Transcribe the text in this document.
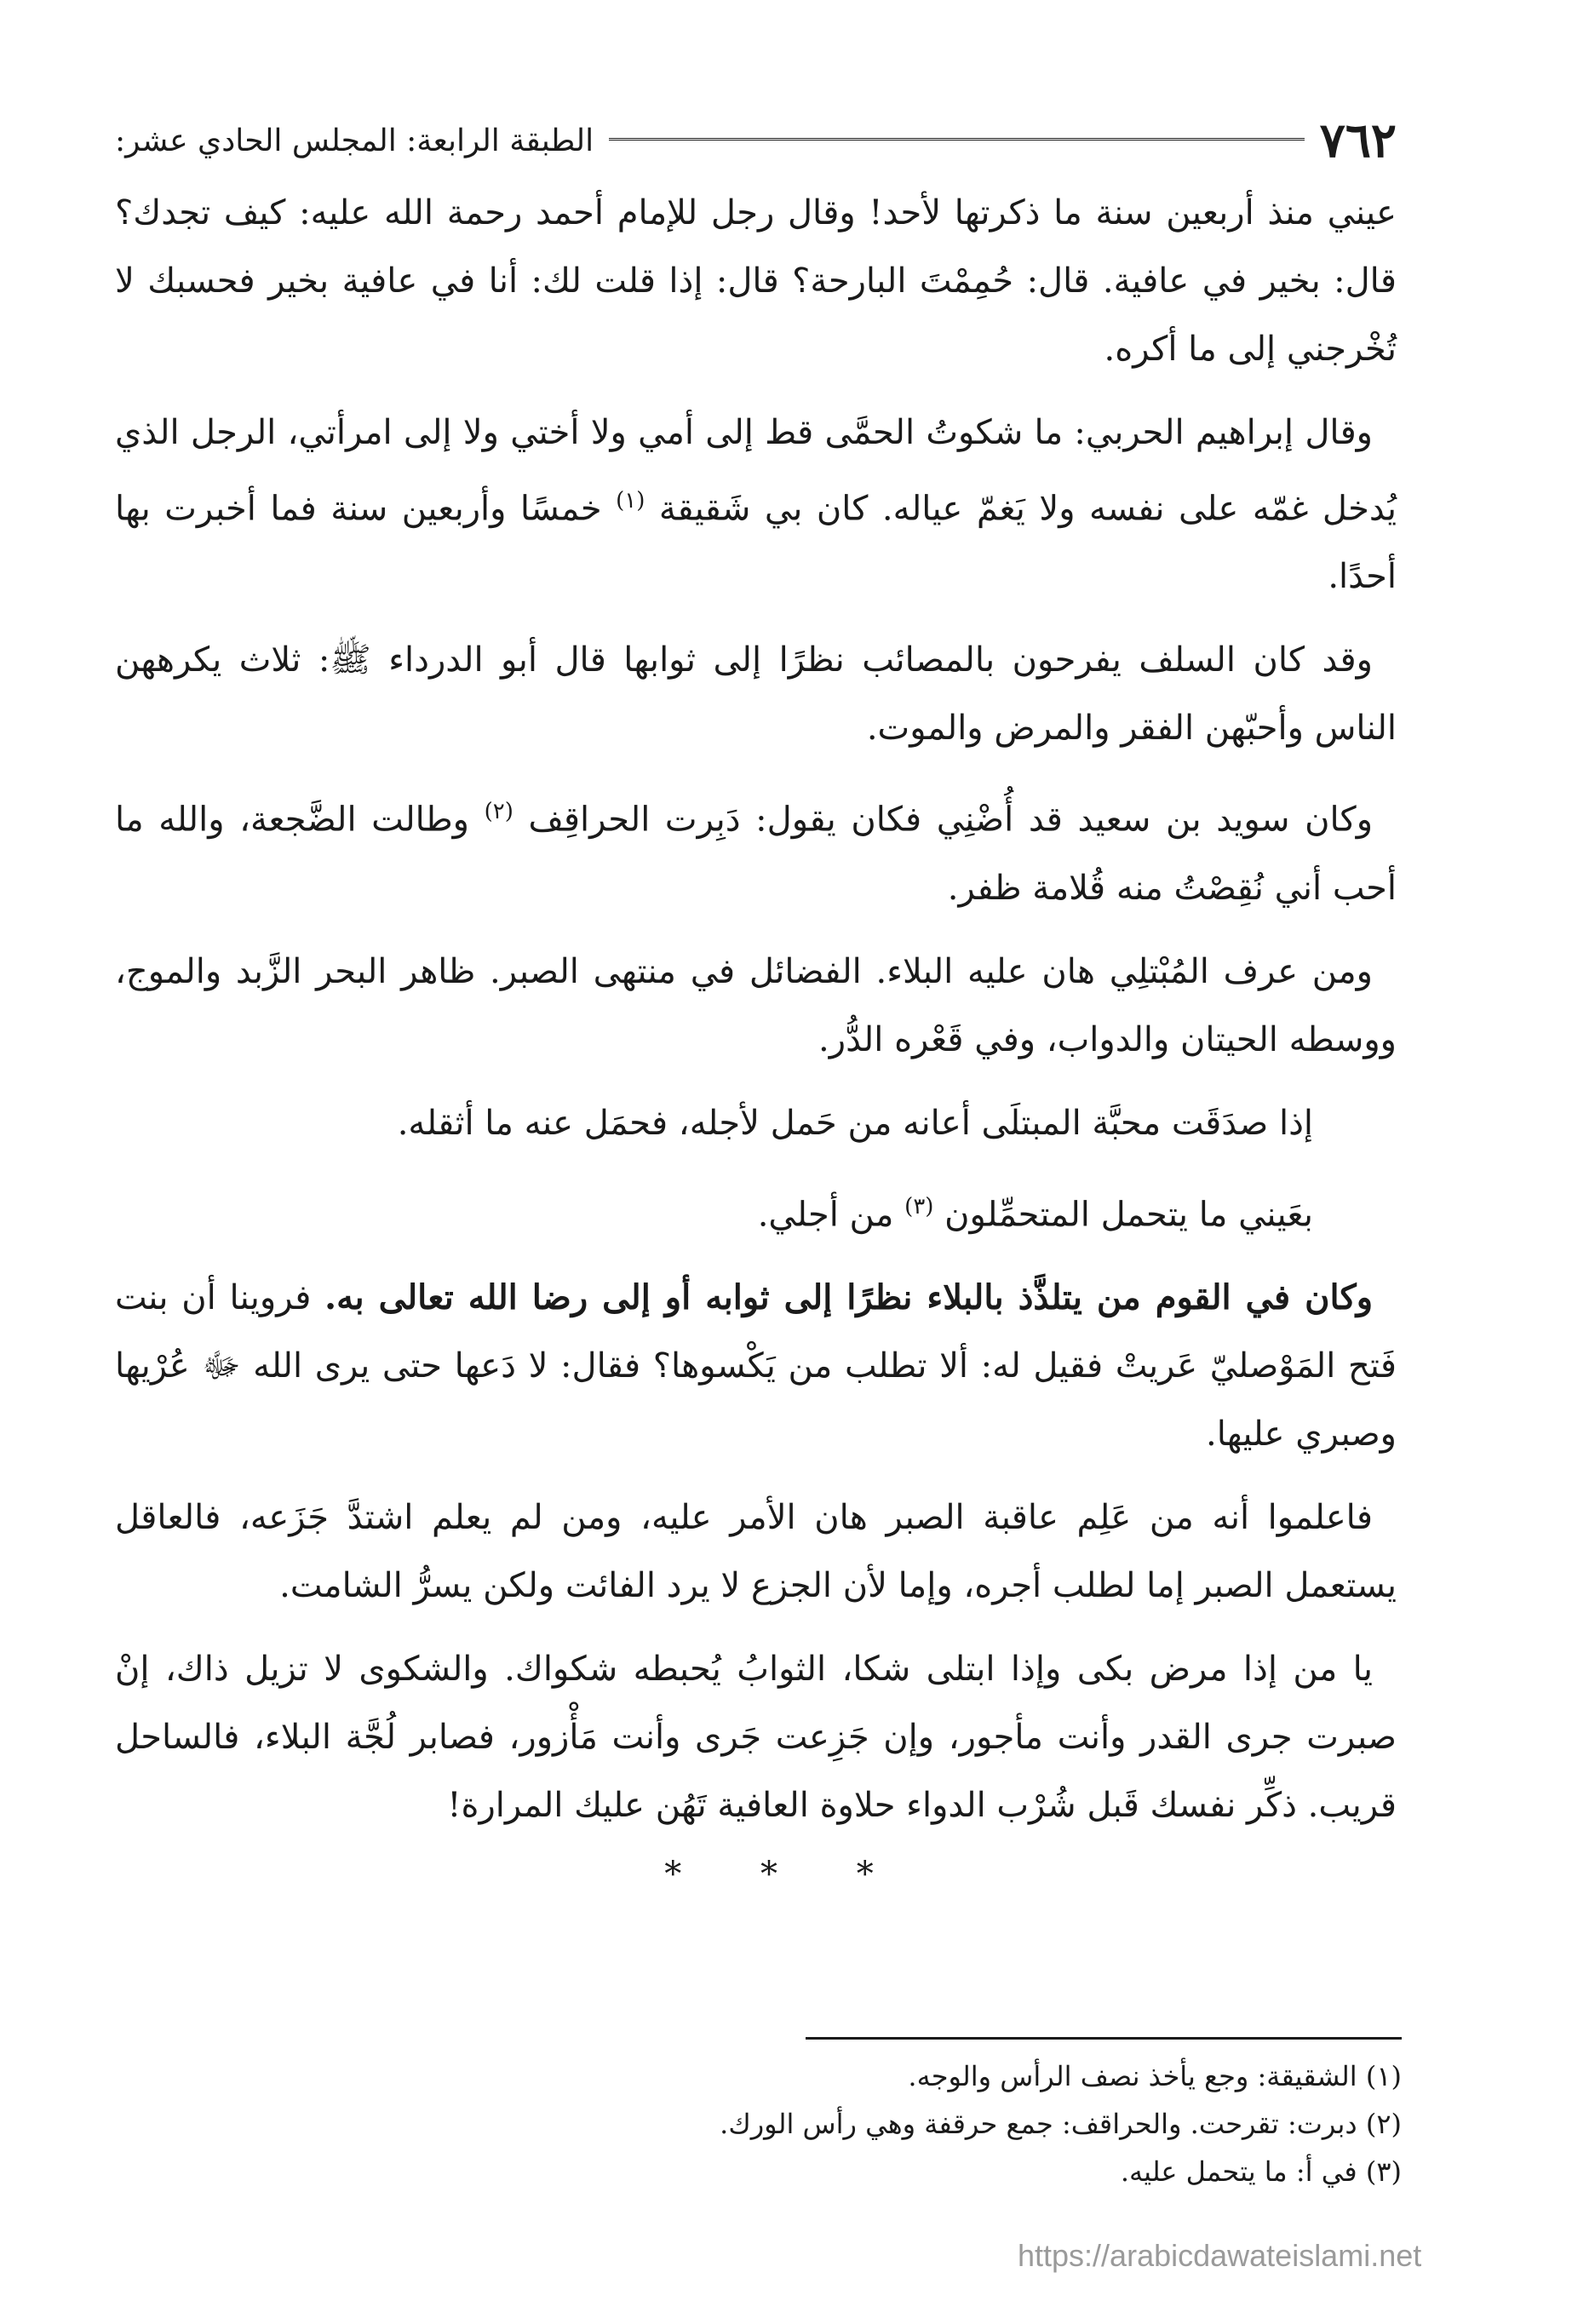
٧٦٢
الطبقة الرابعة: المجلس الحادي عشر:

عيني منذ أربعين سنة ما ذكرتها لأحد! وقال رجل للإمام أحمد رحمة الله عليه: كيف تجدك؟ قال: بخير في عافية. قال: حُمِمْتَ البارحة؟ قال: إذا قلت لك: أنا في عافية بخير فحسبك لا تُخْرجني إلى ما أكره.

وقال إبراهيم الحربي: ما شكوتُ الحمَّى قط إلى أمي ولا أختي ولا إلى امرأتي، الرجل الذي يُدخل غمّه على نفسه ولا يَغمّ عياله. كان بي شَقيقة $^{(١)}$ خمسًا وأربعين سنة فما أخبرت بها أحدًا.

وقد كان السلف يفرحون بالمصائب نظرًا إلى ثوابها قال أبو الدرداء ﷺ: ثلاث يكرههن الناس وأحبّهن الفقر والمرض والموت.

وكان سويد بن سعيد قد أُضْنِي فكان يقول: دَبِرت الحراقِف $^{(٢)}$ وطالت الضَّجعة، والله ما أحب أني نُقِصْتُ منه قُلامة ظفر.

ومن عرف المُبْتلِي هان عليه البلاء. الفضائل في منتهى الصبر. ظاهر البحر الزَّبد والموج، ووسطه الحيتان والدواب، وفي قَعْره الدُّر.

إذا صدَقَت محبَّة المبتلَى أعانه من حَمل لأجله، فحمَل عنه ما أثقله.

بعَيني ما يتحمل المتحمِّلون $^{(٣)}$ من أجلي.

وكان في القوم من يتلذَّذ بالبلاء نظرًا إلى ثوابه أو إلى رضا الله تعالى به. فروينا أن بنت فَتح المَوْصليّ عَريتْ فقيل له: ألا تطلب من يَكْسوها؟ فقال: لا دَعها حتى يرى الله ﷻ عُرْيها وصبري عليها.

فاعلموا أنه من عَلِم عاقبة الصبر هان الأمر عليه، ومن لم يعلم اشتدَّ جَزَعه، فالعاقل يستعمل الصبر إما لطلب أجره، وإما لأن الجزع لا يرد الفائت ولكن يسرُّ الشامت.

يا من إذا مرض بكى وإذا ابتلى شكا، الثوابُ يُحبطه شكواك. والشكوى لا تزيل ذاك، إنْ صبرت جرى القدر وأنت مأجور، وإن جَزِعت جَرى وأنت مَأْزور، فصابر لُجَّة البلاء، فالساحل قريب. ذكِّر نفسك قَبل شُرْب الدواء حلاوة العافية تَهُن عليك المرارة!

* * *
(١) الشقيقة: وجع يأخذ نصف الرأس والوجه.
(٢) دبرت: تقرحت. والحراقف: جمع حرقفة وهي رأس الورك.
(٣) في أ: ما يتحمل عليه.
https://arabicdawateislami.net
